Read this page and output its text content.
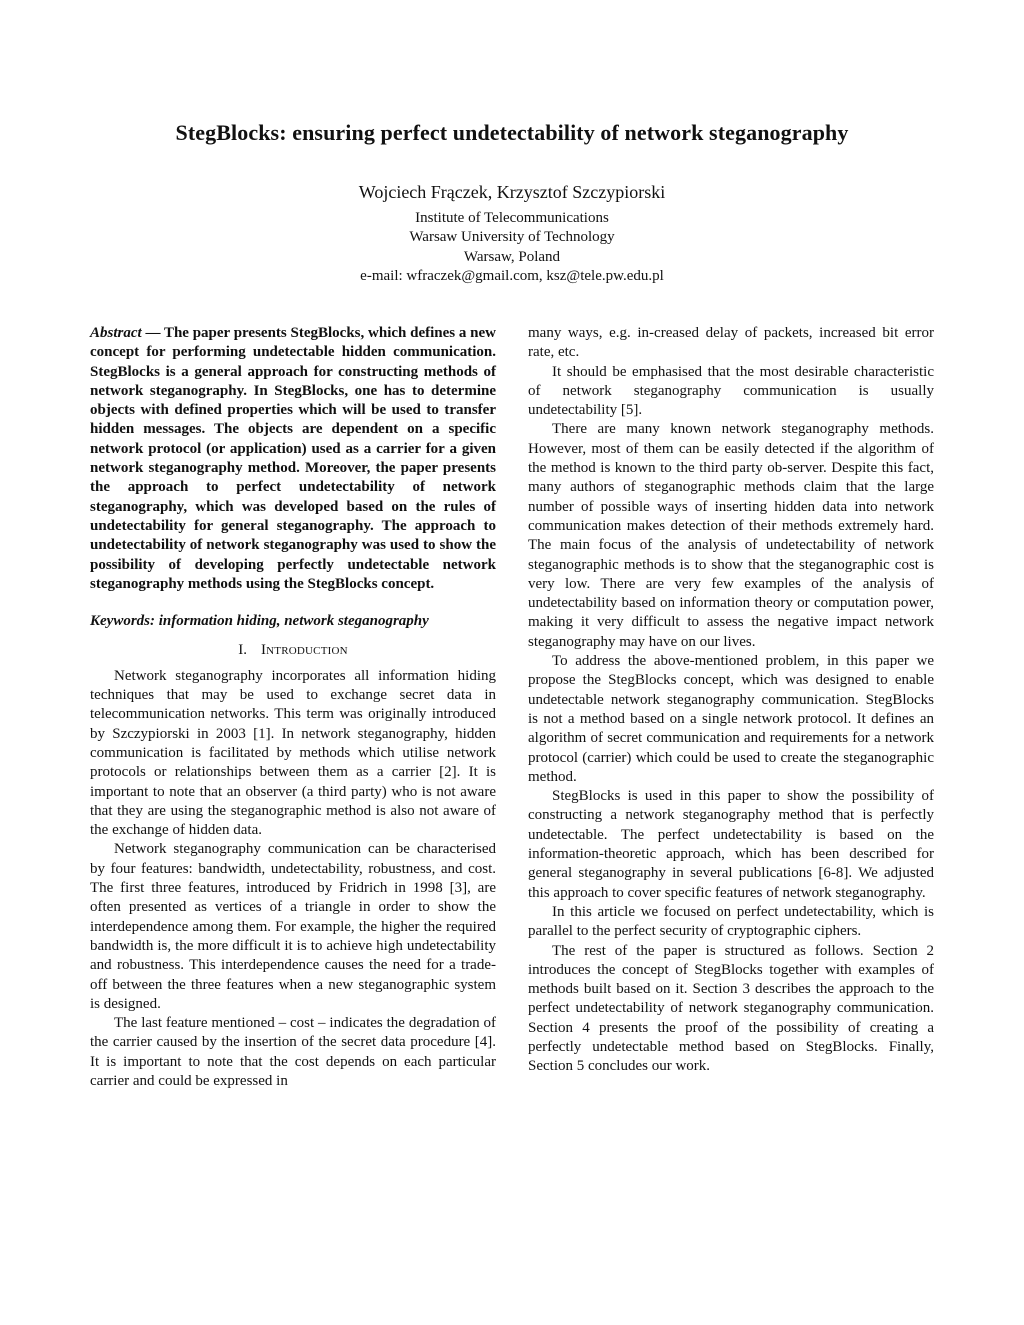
StegBlocks: ensuring perfect undetectability of network steganography
Wojciech Frączek, Krzysztof Szczypiorski
Institute of Telecommunications
Warsaw University of Technology
Warsaw, Poland
e-mail: wfraczek@gmail.com, ksz@tele.pw.edu.pl

Abstract — The paper presents StegBlocks, which defines a new concept for performing undetectable hidden communication. StegBlocks is a general approach for constructing methods of network steganography. In StegBlocks, one has to determine objects with defined properties which will be used to transfer hidden messages. The objects are dependent on a specific network protocol (or application) used as a carrier for a given network steganography method. Moreover, the paper presents the approach to perfect undetectability of network steganography, which was developed based on the rules of undetectability for general steganography. The approach to undetectability of network steganography was used to show the possibility of developing perfectly undetectable network steganography methods using the StegBlocks concept.

Keywords: information hiding, network steganography

I. Introduction

Network steganography incorporates all information hiding techniques that may be used to exchange secret data in telecommunication networks. This term was originally introduced by Szczypiorski in 2003 [1]. In network steganography, hidden communication is facilitated by methods which utilise network protocols or relationships between them as a carrier [2]. It is important to note that an observer (a third party) who is not aware that they are using the steganographic method is also not aware of the exchange of hidden data.

Network steganography communication can be characterised by four features: bandwidth, undetectability, robustness, and cost. The first three features, introduced by Fridrich in 1998 [3], are often presented as vertices of a triangle in order to show the interdependence among them. For example, the higher the required bandwidth is, the more difficult it is to achieve high undetectability and robustness. This interdependence causes the need for a trade-off between the three features when a new steganographic system is designed.

The last feature mentioned – cost – indicates the degradation of the carrier caused by the insertion of the secret data procedure [4]. It is important to note that the cost depends on each particular carrier and could be expressed in

many ways, e.g. in-creased delay of packets, increased bit error rate, etc.

It should be emphasised that the most desirable characteristic of network steganography communication is usually undetectability [5].

There are many known network steganography methods. However, most of them can be easily detected if the algorithm of the method is known to the third party ob-server. Despite this fact, many authors of steganographic methods claim that the large number of possible ways of inserting hidden data into network communication makes detection of their methods extremely hard. The main focus of the analysis of undetectability of network steganographic methods is to show that the steganographic cost is very low. There are very few examples of the analysis of undetectability based on information theory or computation power, making it very difficult to assess the negative impact network steganography may have on our lives.

To address the above-mentioned problem, in this paper we propose the StegBlocks concept, which was designed to enable undetectable network steganography communication. StegBlocks is not a method based on a single network protocol. It defines an algorithm of secret communication and requirements for a network protocol (carrier) which could be used to create the steganographic method.

StegBlocks is used in this paper to show the possibility of constructing a network steganography method that is perfectly undetectable. The perfect undetectability is based on the information-theoretic approach, which has been described for general steganography in several publications [6-8]. We adjusted this approach to cover specific features of network steganography.

In this article we focused on perfect undetectability, which is parallel to the perfect security of cryptographic ciphers.

The rest of the paper is structured as follows. Section 2 introduces the concept of StegBlocks together with examples of methods built based on it. Section 3 describes the approach to the perfect undetectability of network steganography communication. Section 4 presents the proof of the possibility of creating a perfectly undetectable method based on StegBlocks. Finally, Section 5 concludes our work.
